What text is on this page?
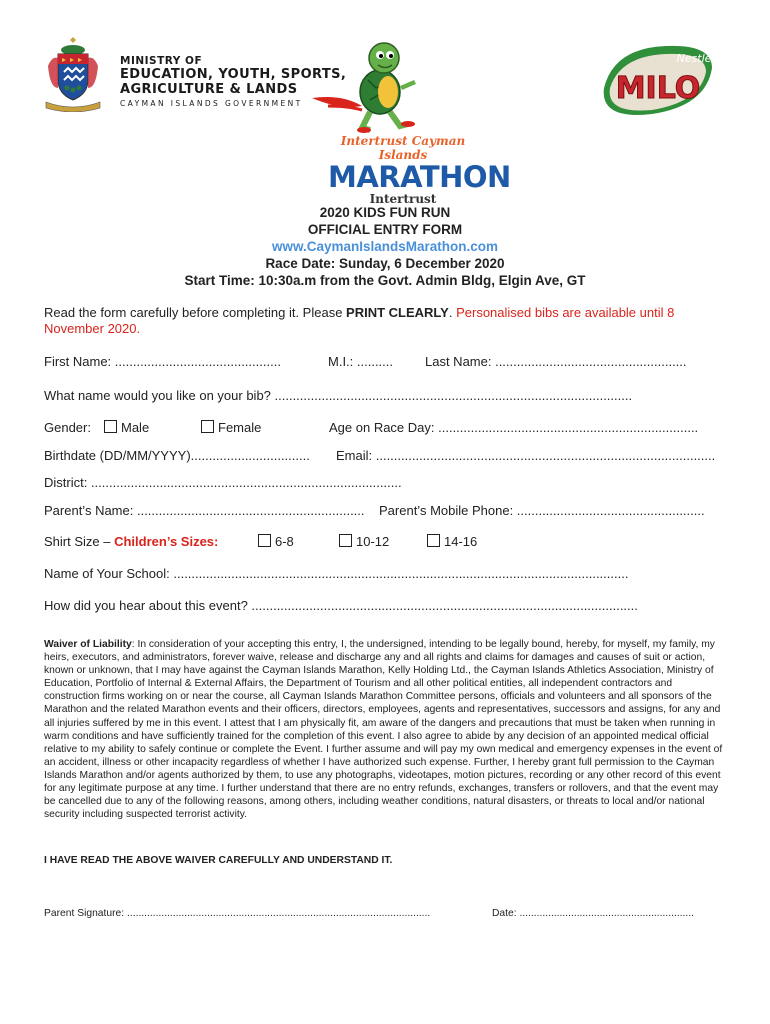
MINISTRY OF
EDUCATION, YOUTH, SPORTS,
AGRICULTURE & LANDS
CAYMAN ISLANDS GOVERNMENT
Intertrust Cayman Islands
MARATHON
Intertrust
MILO
Nestlé
2020 KIDS FUN RUN
OFFICIAL ENTRY FORM
www.CaymanIslandsMarathon.com
Race Date: Sunday, 6 December 2020
Start Time: 10:30a.m from the Govt. Admin Bldg, Elgin Ave, GT
Read the form carefully before completing it. Please PRINT CLEARLY. Personalised bibs are available until 8 November 2020.
First Name: ..............................................	M.I.: .......... Last Name: .....................................................
What name would you like on your bib? ...................................................................................................
Gender:	Male	Female	Age on Race Day: ........................................................................
Birthdate (DD/MM/YYYY)................................. Email: ..............................................................................................
District: ......................................................................................
Parent’s Name: ............................................................... Parent’s Mobile Phone: ....................................................
Shirt Size – Children’s Sizes:	6-8	10-12	14-16
Name of Your School: ..............................................................................................................................
How did you hear about this event? ...........................................................................................................
Waiver of Liability: In consideration of your accepting this entry, I, the undersigned, intending to be legally bound, hereby, for myself, my family, my heirs, executors, and administrators, forever waive, release and discharge any and all rights and claims for damages and causes of suit or action, known or unknown, that I may have against the Cayman Islands Marathon, Kelly Holding Ltd., the Cayman Islands Athletics Association, Ministry of Education, Portfolio of Internal & External Affairs, the Department of Tourism and all other political entities, all independent contractors and construction firms working on or near the course, all Cayman Islands Marathon Committee persons, officials and volunteers and all sponsors of the Marathon and the related Marathon events and their officers, directors, employees, agents and representatives, successors and assigns, for any and all injuries suffered by me in this event. I attest that I am physically fit, am aware of the dangers and precautions that must be taken when running in warm conditions and have sufficiently trained for the completion of this event. I also agree to abide by any decision of an appointed medical official relative to my ability to safely continue or complete the Event. I further assume and will pay my own medical and emergency expenses in the event of an accident, illness or other incapacity regardless of whether I have authorized such expense. Further, I hereby grant full permission to the Cayman Islands Marathon and/or agents authorized by them, to use any photographs, videotapes, motion pictures, recording or any other record of this event for any legitimate purpose at any time. I further understand that there are no entry refunds, exchanges, transfers or rollovers, and that the event may be cancelled due to any of the following reasons, among others, including weather conditions, natural disasters, or threats to local and/or national security including suspected terrorist activity.
I HAVE READ THE ABOVE WAIVER CAREFULLY AND UNDERSTAND IT.
Parent Signature: ..........................................................................................................	Date: .............................................................
